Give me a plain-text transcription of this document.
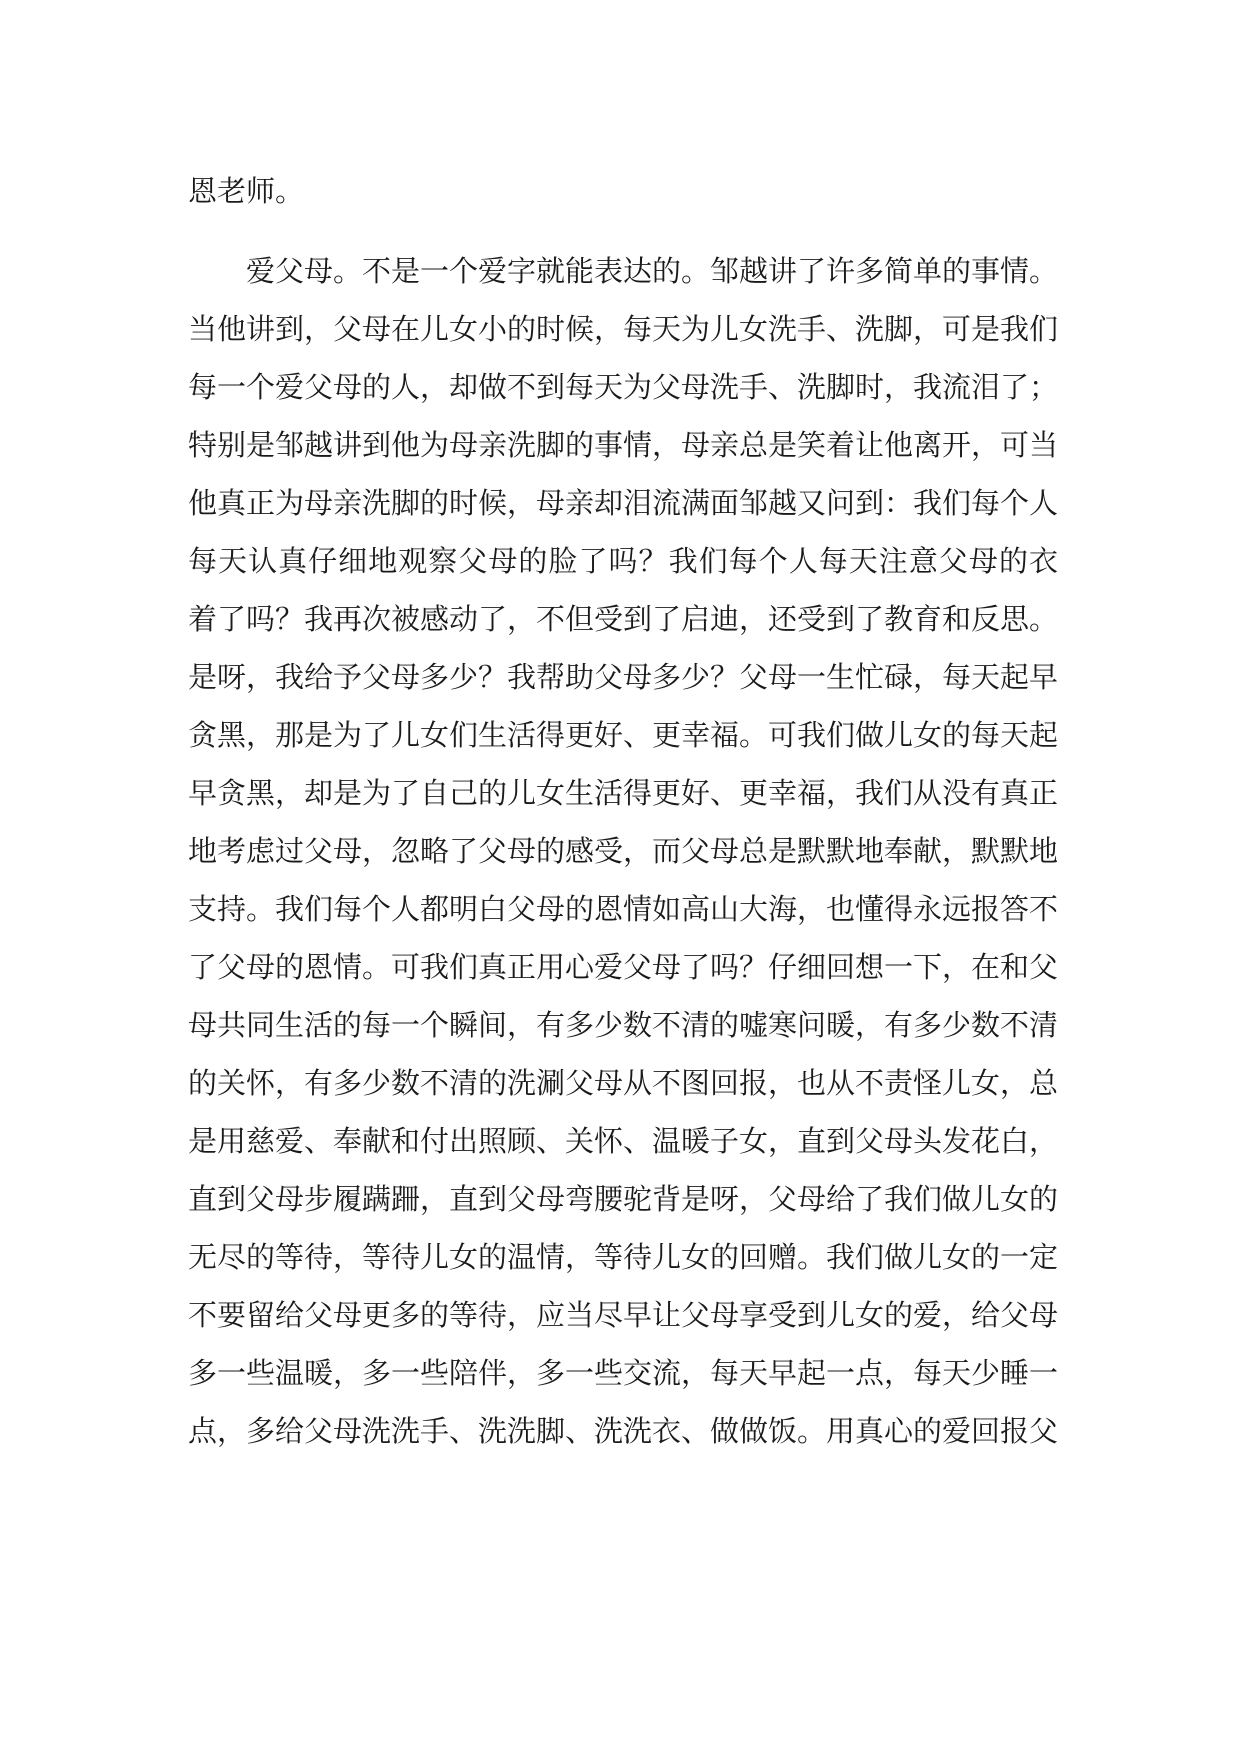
恩老师。
爱父母。不是一个爱字就能表达的。邹越讲了许多简单的事情。
当他讲到，父母在儿女小的时候，每天为儿女洗手、洗脚，可是我们
每一个爱父母的人，却做不到每天为父母洗手、洗脚时，我流泪了；
特别是邹越讲到他为母亲洗脚的事情，母亲总是笑着让他离开，可当
他真正为母亲洗脚的时候，母亲却泪流满面邹越又问到：我们每个人
每天认真仔细地观察父母的脸了吗？我们每个人每天注意父母的衣
着了吗？我再次被感动了，不但受到了启迪，还受到了教育和反思。
是呀，我给予父母多少？我帮助父母多少？父母一生忙碌，每天起早
贪黑，那是为了儿女们生活得更好、更幸福。可我们做儿女的每天起
早贪黑，却是为了自己的儿女生活得更好、更幸福，我们从没有真正
地考虑过父母，忽略了父母的感受，而父母总是默默地奉献，默默地
支持。我们每个人都明白父母的恩情如高山大海，也懂得永远报答不
了父母的恩情。可我们真正用心爱父母了吗？仔细回想一下，在和父
母共同生活的每一个瞬间，有多少数不清的嘘寒问暖，有多少数不清
的关怀，有多少数不清的洗涮父母从不图回报，也从不责怪儿女，总
是用慈爱、奉献和付出照顾、关怀、温暖子女，直到父母头发花白，
直到父母步履蹒跚，直到父母弯腰驼背是呀，父母给了我们做儿女的
无尽的等待，等待儿女的温情，等待儿女的回赠。我们做儿女的一定
不要留给父母更多的等待，应当尽早让父母享受到儿女的爱，给父母
多一些温暖，多一些陪伴，多一些交流，每天早起一点，每天少睡一
点，多给父母洗洗手、洗洗脚、洗洗衣、做做饭。用真心的爱回报父
